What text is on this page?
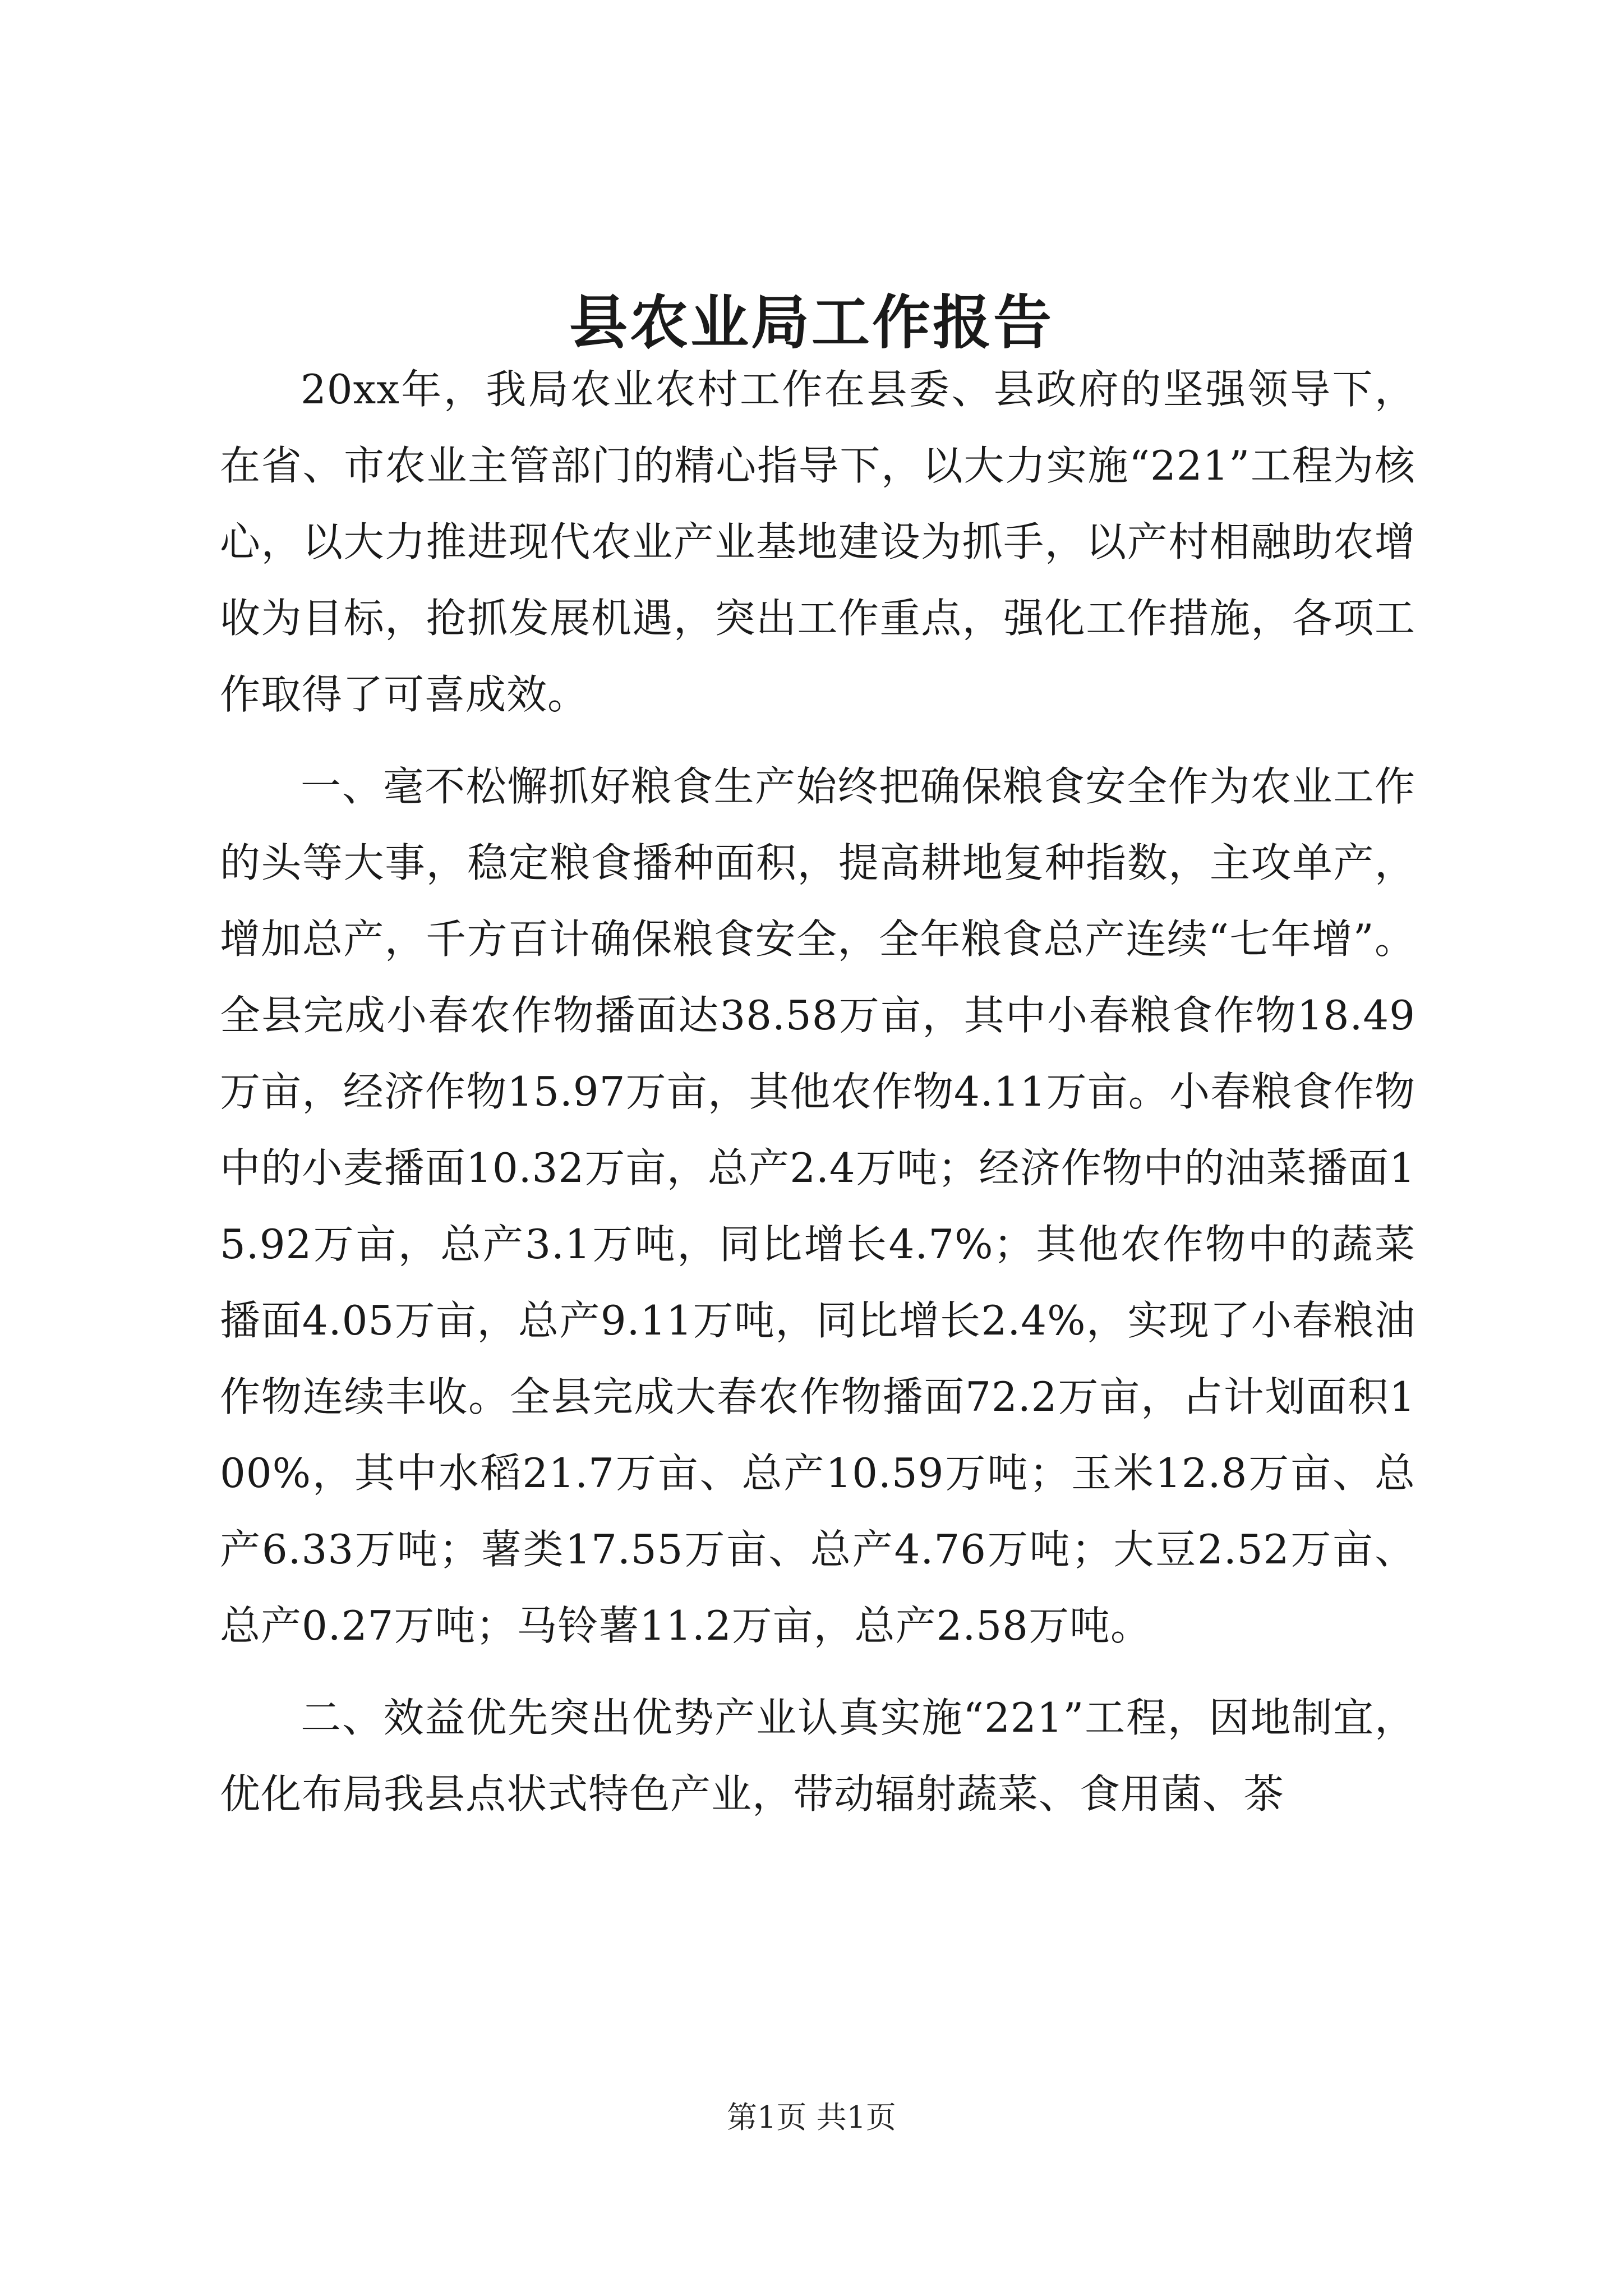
县农业局工作报告

20xx年，我局农业农村工作在县委、县政府的坚强领导下，在省、市农业主管部门的精心指导下，以大力实施“221”工程为核心，以大力推进现代农业产业基地建设为抓手，以产村相融助农增收为目标，抢抓发展机遇，突出工作重点，强化工作措施，各项工作取得了可喜成效。

一、毫不松懈抓好粮食生产始终把确保粮食安全作为农业工作的头等大事，稳定粮食播种面积，提高耕地复种指数，主攻单产，增加总产，千方百计确保粮食安全，全年粮食总产连续“七年增”。全县完成小春农作物播面达38.58万亩，其中小春粮食作物18.49万亩，经济作物15.97万亩，其他农作物4.11万亩。小春粮食作物中的小麦播面10.32万亩，总产2.4万吨；经济作物中的油菜播面15.92万亩，总产3.1万吨，同比增长4.7%；其他农作物中的蔬菜播面4.05万亩，总产9.11万吨，同比增长2.4%，实现了小春粮油作物连续丰收。全县完成大春农作物播面72.2万亩，占计划面积100%，其中水稻21.7万亩、总产10.59万吨；玉米12.8万亩、总产6.33万吨；薯类17.55万亩、总产4.76万吨；大豆2.52万亩、总产0.27万吨；马铃薯11.2万亩，总产2.58万吨。

二、效益优先突出优势产业认真实施“221”工程，因地制宜，优化布局我县点状式特色产业，带动辐射蔬菜、食用菌、茶

第1页 共1页
